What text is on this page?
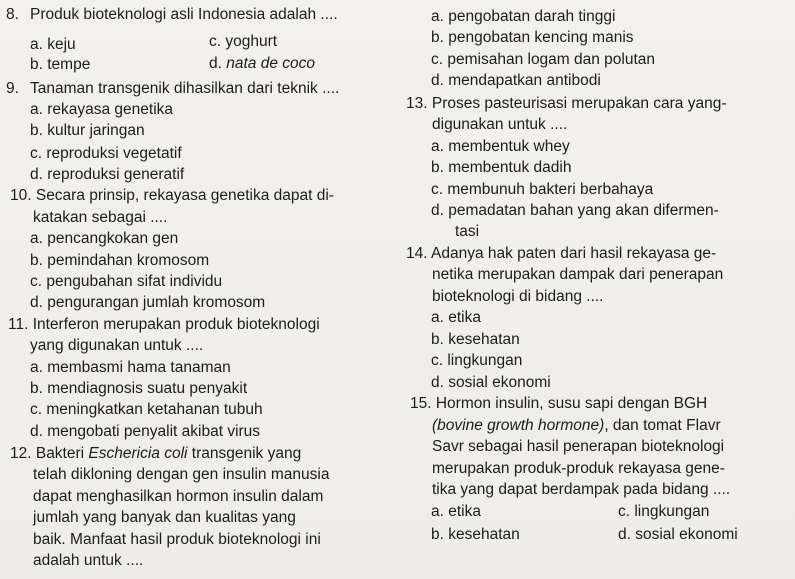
8. Produk bioteknologi asli Indonesia adalah ....
a. keju	c. yoghurt
b. tempe	d. nata de coco
9. Tanaman transgenik dihasilkan dari teknik ....
a. rekayasa genetika
b. kultur jaringan
c. reproduksi vegetatif
d. reproduksi generatif
10. Secara prinsip, rekayasa genetika dapat di-
katakan sebagai ....
a. pencangkokan gen
b. pemindahan kromosom
c. pengubahan sifat individu
d. pengurangan jumlah kromosom
11. Interferon merupakan produk bioteknologi
yang digunakan untuk ....
a. membasmi hama tanaman
b. mendiagnosis suatu penyakit
c. meningkatkan ketahanan tubuh
d. mengobati penyalit akibat virus
12. Bakteri Eschericia coli transgenik yang
telah dikloning dengan gen insulin manusia
dapat menghasilkan hormon insulin dalam
jumlah yang banyak dan kualitas yang
baik. Manfaat hasil produk bioteknologi ini
adalah untuk ....
a. pengobatan darah tinggi
b. pengobatan kencing manis
c. pemisahan logam dan polutan
d. mendapatkan antibodi
13. Proses pasteurisasi merupakan cara yang-
digunakan untuk ....
a. membentuk whey
b. membentuk dadih
c. membunuh bakteri berbahaya
d. pemadatan bahan yang akan difermen-
tasi
14. Adanya hak paten dari hasil rekayasa ge-
netika merupakan dampak dari penerapan
bioteknologi di bidang ....
a. etika
b. kesehatan
c. lingkungan
d. sosial ekonomi
15. Hormon insulin, susu sapi dengan BGH
(bovine growth hormone), dan tomat Flavr
Savr sebagai hasil penerapan bioteknologi
merupakan produk-produk rekayasa gene-
tika yang dapat berdampak pada bidang ....
a. etika	c. lingkungan
b. kesehatan	d. sosial ekonomi
